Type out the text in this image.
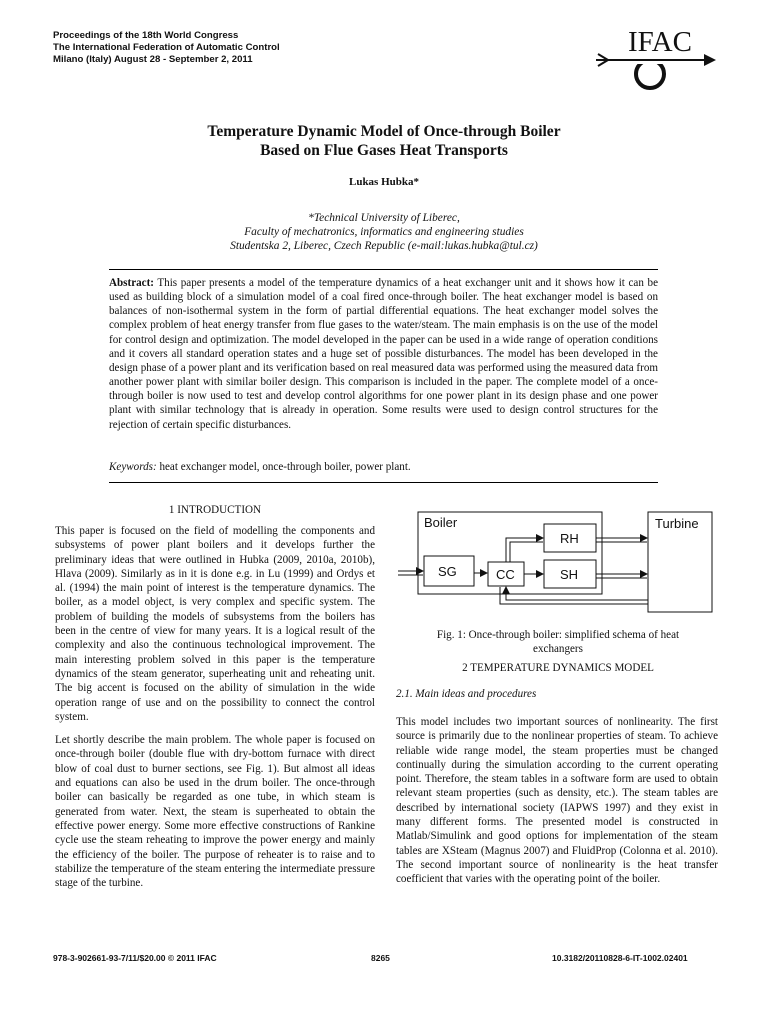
Proceedings of the 18th World Congress
The International Federation of Automatic Control
Milano (Italy) August 28 - September 2, 2011
IFAC
Temperature Dynamic Model of Once-through Boiler
Based on Flue Gases Heat Transports
Lukas Hubka*
*Technical University of Liberec,
Faculty of mechatronics, informatics and engineering studies
Studentska 2, Liberec, Czech Republic (e-mail:lukas.hubka@tul.cz)
Abstract: This paper presents a model of the temperature dynamics of a heat exchanger unit and it shows how it can be used as building block of a simulation model of a coal fired once-through boiler. The heat exchanger model is based on balances of non-isothermal system in the form of partial differential equations. The heat exchanger model solves the complex problem of heat energy transfer from flue gases to the water/steam. The main emphasis is on the use of the model for control design and optimization. The model developed in the paper can be used in a wide range of operation conditions and it covers all standard operation states and a huge set of possible disturbances. The model has been developed in the design phase of a power plant and its verification based on real measured data was performed using the measured data from another power plant with similar boiler design. This comparison is included in the paper. The complete model of a once-through boiler is now used to test and develop control algorithms for one power plant in its design phase and one power plant with similar technology that is already in operation. Some results were used to design control structures for the rejection of certain specific disturbances.
Keywords: heat exchanger model, once-through boiler, power plant.
1 INTRODUCTION

This paper is focused on the field of modelling the components and subsystems of power plant boilers and it develops further the preliminary ideas that were outlined in Hubka (2009, 2010a, 2010b), Hlava (2009). Similarly as in it is done e.g. in Lu (1999) and Ordys et al. (1994) the main point of interest is the temperature dynamics. The boiler, as a model object, is very complex and specific system. The problem of building the models of subsystems from the boilers has been in the centre of view for many years. It is a logical result of the complexity and also the continuous technological improvement. The main interesting problem solved in this paper is the temperature dynamics of the steam generator, superheating unit and reheating unit. The big accent is focused on the ability of simulation in the wide operation range of use and on the possibility to connect the control system.

Let shortly describe the main problem. The whole paper is focused on once-through boiler (double flue with dry-bottom furnace with direct blow of coal dust to burner sections, see Fig. 1). But almost all ideas and equations can also be used in the drum boiler. The once-through boiler can basically be regarded as one tube, in which steam is generated from water. Next, the steam is superheated to obtain the effective power energy. Some more effective constructions of Rankine cycle use the steam reheating to improve the power energy and mainly the efficiency of the boiler. The purpose of reheater is to raise and to stabilize the temperature of the steam entering the intermediate pressure stage of the turbine.

Boiler	Turbine
SG	CC
RH
SH
Fig. 1: Once-through boiler: simplified schema of heat
exchangers
2 TEMPERATURE DYNAMICS MODEL
2.1. Main ideas and procedures

This model includes two important sources of nonlinearity. The first source is primarily due to the nonlinear properties of steam. To achieve reliable wide range model, the steam properties must be changed continually during the simulation according to the current operating point. Therefore, the steam tables in a software form are used to obtain relevant steam properties (such as density, etc.). The steam tables are described by international society (IAPWS 1997) and they exist in many different forms. The presented model is constructed in Matlab/Simulink and good options for implementation of the steam tables are XSteam (Magnus 2007) and FluidProp (Colonna et al. 2010). The second important source of nonlinearity is the heat transfer coefficient that varies with the operating point of the boiler.

978-3-902661-93-7/11/$20.00 © 2011 IFAC	8265	10.3182/20110828-6-IT-1002.02401
